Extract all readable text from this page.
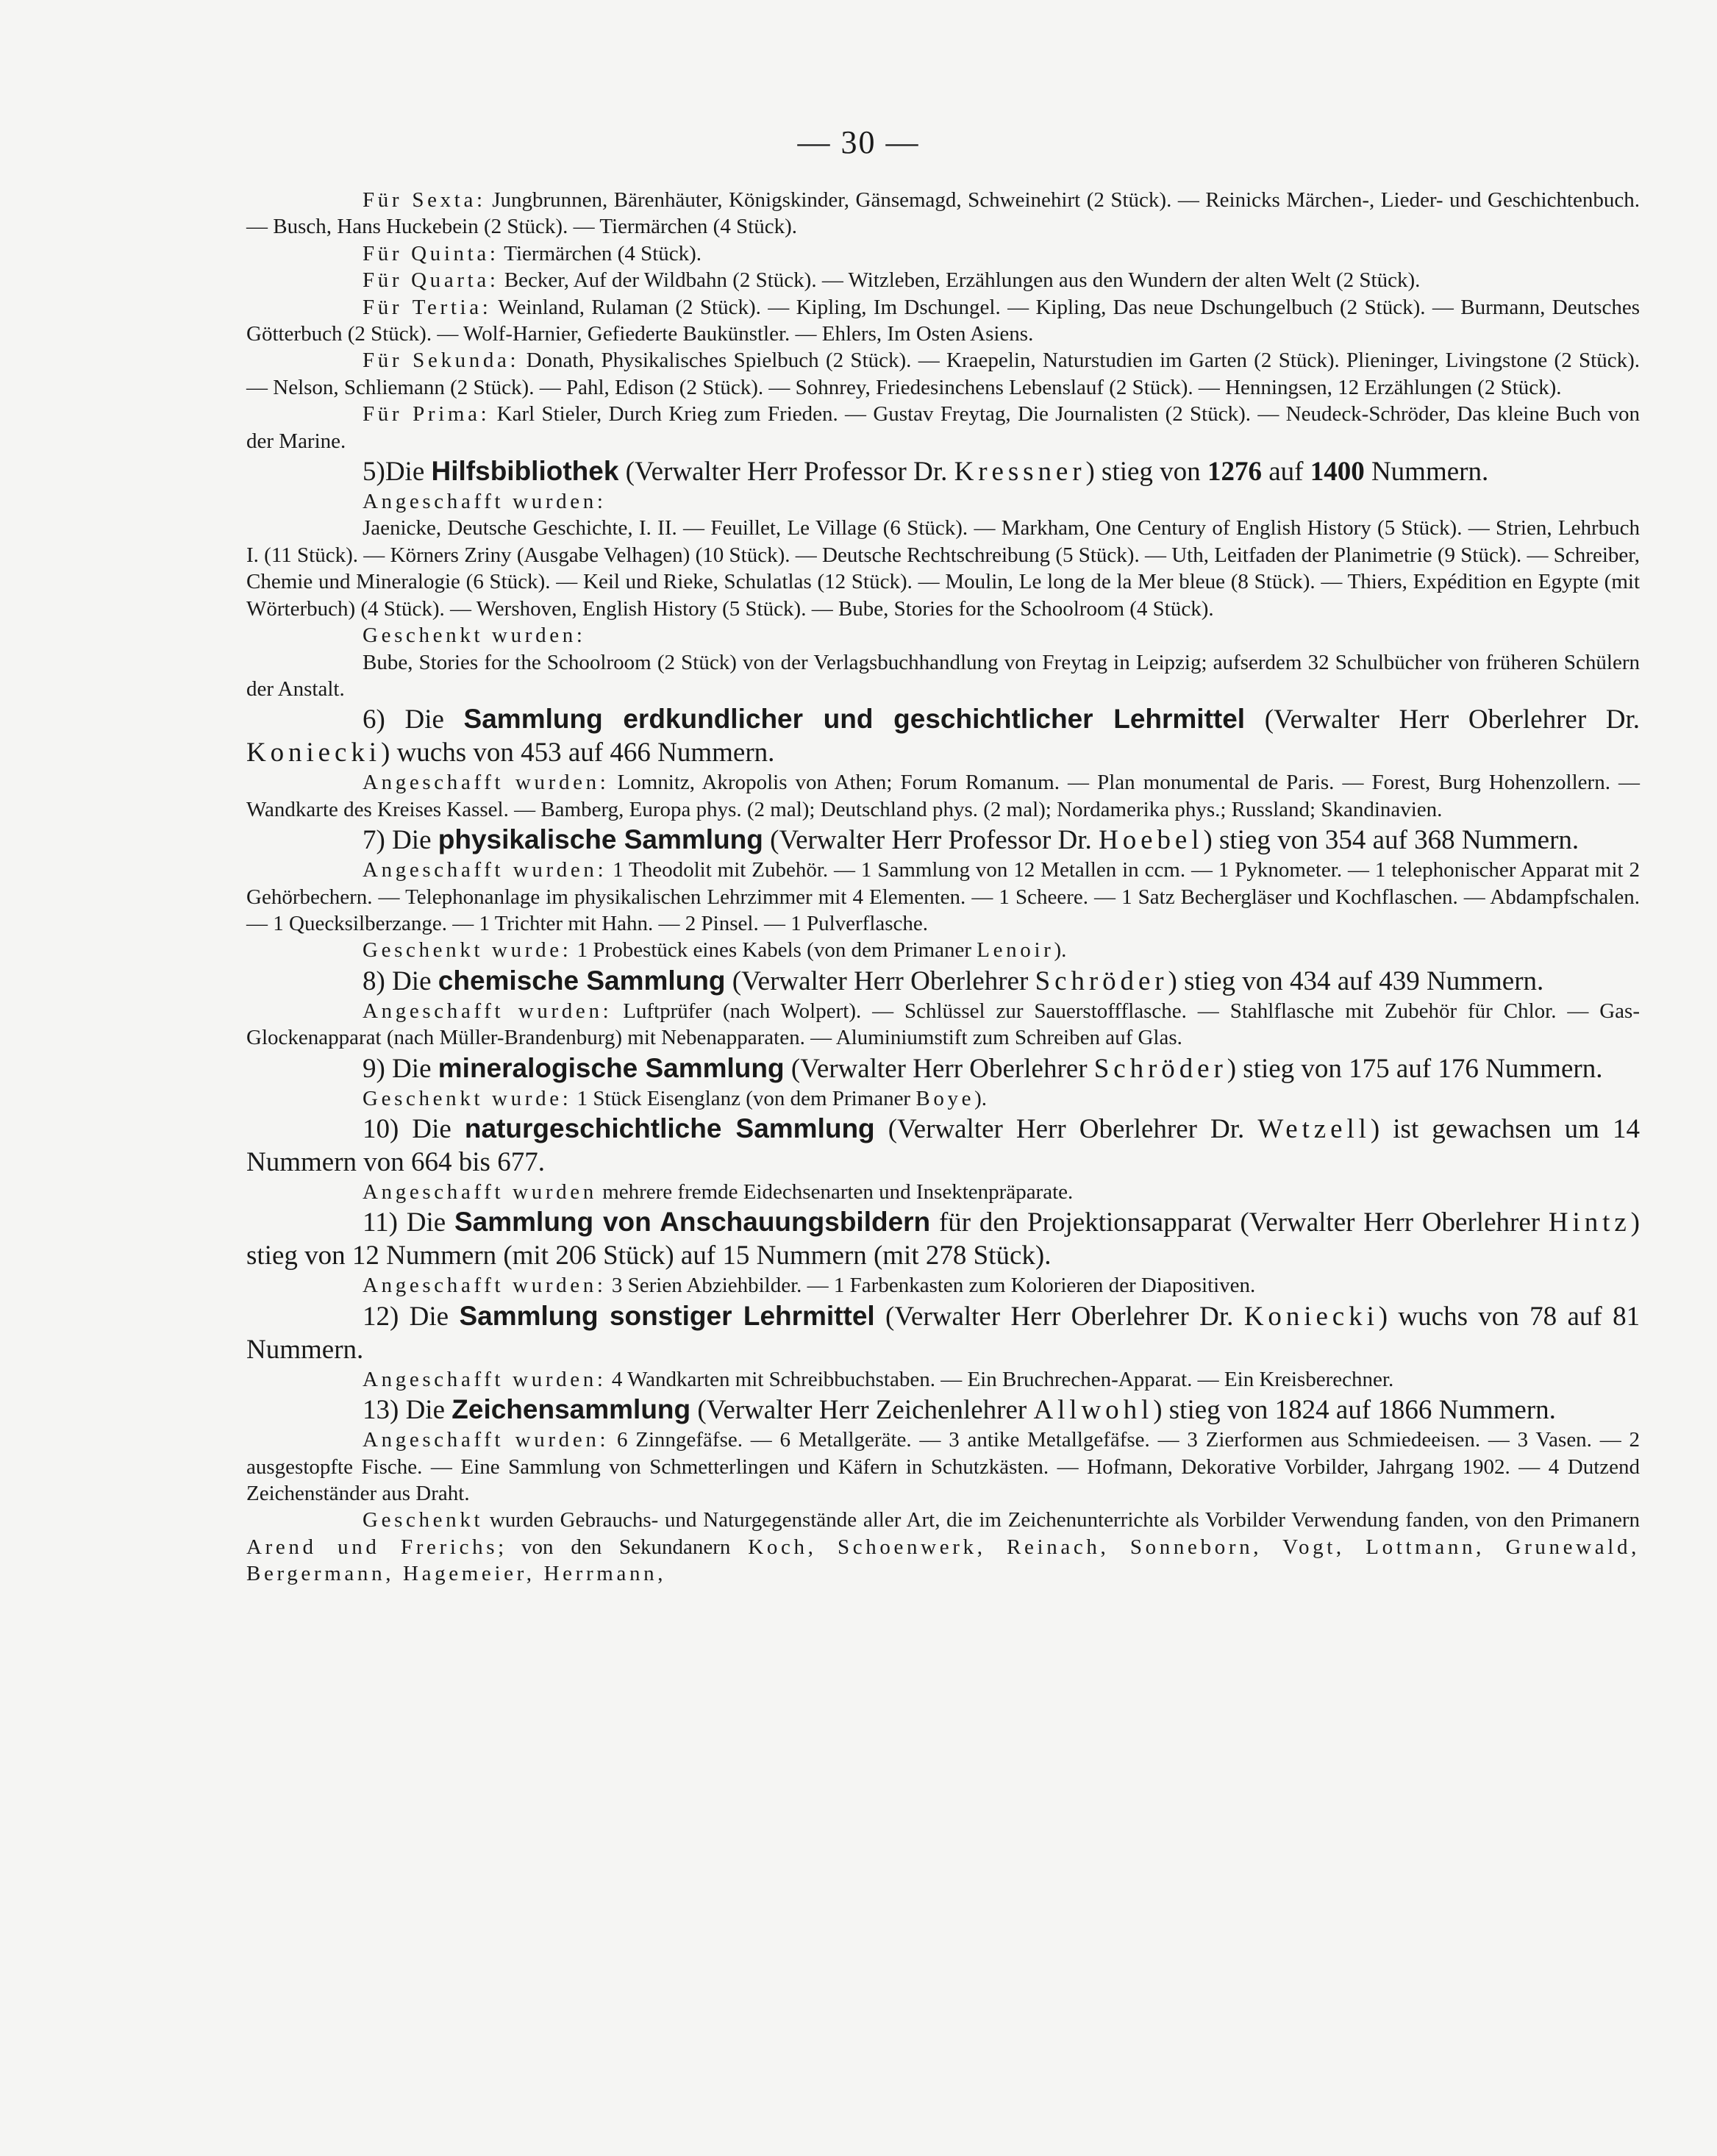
— 30 —

Für Sexta: Jungbrunnen, Bärenhäuter, Königskinder, Gänsemagd, Schweinehirt (2 Stück). — Reinicks Märchen-, Lieder- und Geschichtenbuch. — Busch, Hans Huckebein (2 Stück). — Tiermärchen (4 Stück).

Für Quinta: Tiermärchen (4 Stück).

Für Quarta: Becker, Auf der Wildbahn (2 Stück). — Witzleben, Erzählungen aus den Wundern der alten Welt (2 Stück).

Für Tertia: Weinland, Rulaman (2 Stück). — Kipling, Im Dschungel. — Kipling, Das neue Dschungelbuch (2 Stück). — Burmann, Deutsches Götterbuch (2 Stück). — Wolf-Harnier, Gefiederte Baukünstler. — Ehlers, Im Osten Asiens.

Für Sekunda: Donath, Physikalisches Spielbuch (2 Stück). — Kraepelin, Naturstudien im Garten (2 Stück). Plieninger, Livingstone (2 Stück). — Nelson, Schliemann (2 Stück). — Pahl, Edison (2 Stück). — Sohnrey, Friedesinchens Lebenslauf (2 Stück). — Henningsen, 12 Erzählungen (2 Stück).

Für Prima: Karl Stieler, Durch Krieg zum Frieden. — Gustav Freytag, Die Journalisten (2 Stück). — Neudeck-Schröder, Das kleine Buch von der Marine.

5)Die Hilfsbibliothek (Verwalter Herr Professor Dr. Kressner) stieg von 1276 auf 1400 Nummern.

Angeschafft wurden:

Jaenicke, Deutsche Geschichte, I. II. — Feuillet, Le Village (6 Stück). — Markham, One Century of English History (5 Stück). — Strien, Lehrbuch I. (11 Stück). — Körners Zriny (Ausgabe Velhagen) (10 Stück). — Deutsche Rechtschreibung (5 Stück). — Uth, Leitfaden der Planimetrie (9 Stück). — Schreiber, Chemie und Mineralogie (6 Stück). — Keil und Rieke, Schulatlas (12 Stück). — Moulin, Le long de la Mer bleue (8 Stück). — Thiers, Expédition en Egypte (mit Wörterbuch) (4 Stück). — Wershoven, English History (5 Stück). — Bube, Stories for the Schoolroom (4 Stück).

Geschenkt wurden:

Bube, Stories for the Schoolroom (2 Stück) von der Verlagsbuchhandlung von Freytag in Leipzig; aufserdem 32 Schulbücher von früheren Schülern der Anstalt.

6) Die Sammlung erdkundlicher und geschichtlicher Lehrmittel (Verwalter Herr Oberlehrer Dr. Koniecki) wuchs von 453 auf 466 Nummern.

Angeschafft wurden: Lomnitz, Akropolis von Athen; Forum Romanum. — Plan monumental de Paris. — Forest, Burg Hohenzollern. — Wandkarte des Kreises Kassel. — Bamberg, Europa phys. (2 mal); Deutschland phys. (2 mal); Nordamerika phys.; Russland; Skandinavien.

7) Die physikalische Sammlung (Verwalter Herr Professor Dr. Hoebel) stieg von 354 auf 368 Nummern.

Angeschafft wurden: 1 Theodolit mit Zubehör. — 1 Sammlung von 12 Metallen in ccm. — 1 Pyknometer. — 1 telephonischer Apparat mit 2 Gehörbechern. — Telephonanlage im physikalischen Lehrzimmer mit 4 Elementen. — 1 Scheere. — 1 Satz Bechergläser und Kochflaschen. — Abdampfschalen. — 1 Quecksilberzange. — 1 Trichter mit Hahn. — 2 Pinsel. — 1 Pulverflasche.

Geschenkt wurde: 1 Probestück eines Kabels (von dem Primaner Lenoir).

8) Die chemische Sammlung (Verwalter Herr Oberlehrer Schröder) stieg von 434 auf 439 Nummern.

Angeschafft wurden: Luftprüfer (nach Wolpert). — Schlüssel zur Sauerstoffflasche. — Stahlflasche mit Zubehör für Chlor. — Gas-Glockenapparat (nach Müller-Brandenburg) mit Nebenapparaten. — Aluminiumstift zum Schreiben auf Glas.

9) Die mineralogische Sammlung (Verwalter Herr Oberlehrer Schröder) stieg von 175 auf 176 Nummern.

Geschenkt wurde: 1 Stück Eisenglanz (von dem Primaner Boye).

10) Die naturgeschichtliche Sammlung (Verwalter Herr Oberlehrer Dr. Wetzell) ist gewachsen um 14 Nummern von 664 bis 677.

Angeschafft wurden mehrere fremde Eidechsenarten und Insektenpräparate.

11) Die Sammlung von Anschauungsbildern für den Projektionsapparat (Verwalter Herr Oberlehrer Hintz) stieg von 12 Nummern (mit 206 Stück) auf 15 Nummern (mit 278 Stück).

Angeschafft wurden: 3 Serien Abziehbilder. — 1 Farbenkasten zum Kolorieren der Diapositiven.

12) Die Sammlung sonstiger Lehrmittel (Verwalter Herr Oberlehrer Dr. Koniecki) wuchs von 78 auf 81 Nummern.

Angeschafft wurden: 4 Wandkarten mit Schreibbuchstaben. — Ein Bruchrechen-Apparat. — Ein Kreisberechner.

13) Die Zeichensammlung (Verwalter Herr Zeichenlehrer Allwohl) stieg von 1824 auf 1866 Nummern.

Angeschafft wurden: 6 Zinngefäfse. — 6 Metallgeräte. — 3 antike Metallgefäfse. — 3 Zierformen aus Schmiedeeisen. — 3 Vasen. — 2 ausgestopfte Fische. — Eine Sammlung von Schmetterlingen und Käfern in Schutzkästen. — Hofmann, Dekorative Vorbilder, Jahrgang 1902. — 4 Dutzend Zeichenständer aus Draht.

Geschenkt wurden Gebrauchs- und Naturgegenstände aller Art, die im Zeichenunterrichte als Vorbilder Verwendung fanden, von den Primanern Arend und Frerichs; von den Sekundanern Koch, Schoenwerk, Reinach, Sonneborn, Vogt, Lottmann, Grunewald, Bergermann, Hagemeier, Herrmann,
